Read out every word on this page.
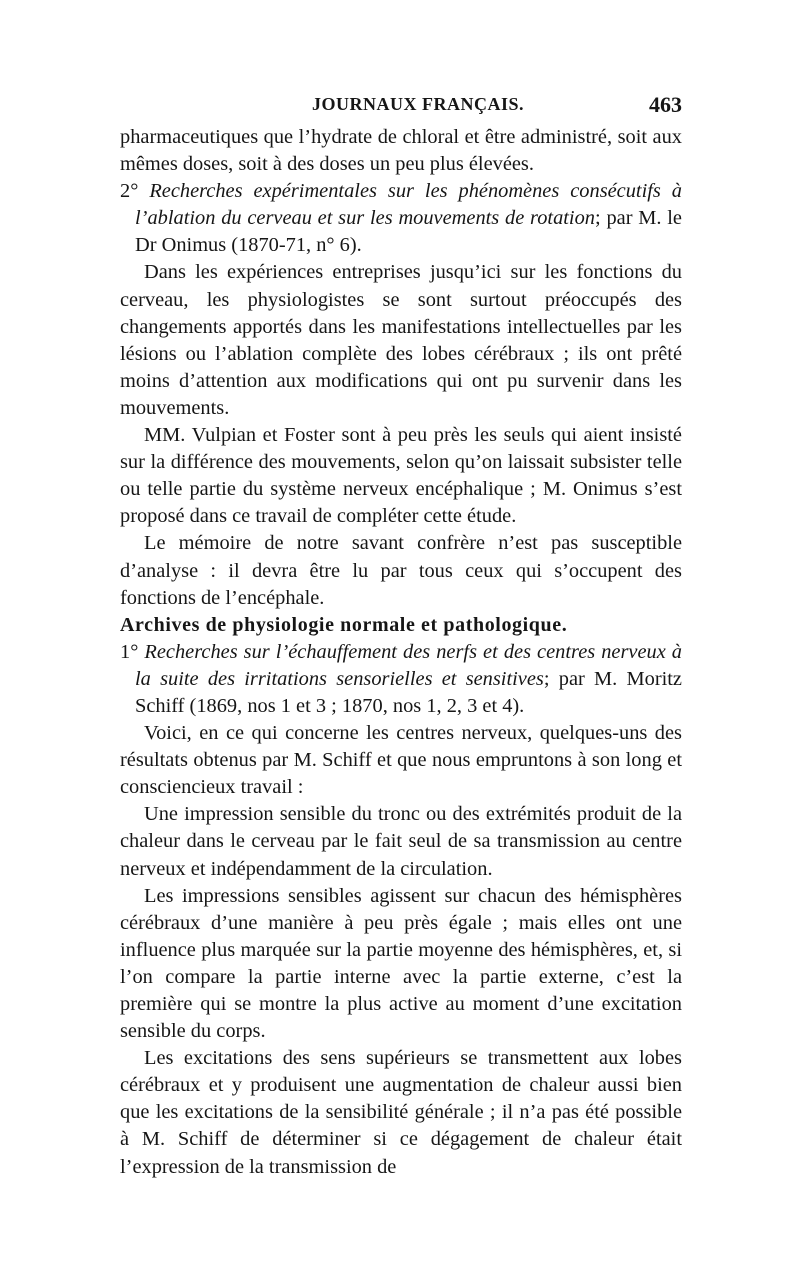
JOURNAUX FRANÇAIS.	463

pharmaceutiques que l’hydrate de chloral et être administré, soit aux mêmes doses, soit à des doses un peu plus élevées.

2° Recherches expérimentales sur les phénomènes consécutifs à l’ablation du cerveau et sur les mouvements de rotation; par M. le Dr Onimus (1870-71, n° 6).

Dans les expériences entreprises jusqu’ici sur les fonctions du cerveau, les physiologistes se sont surtout préoccupés des changements apportés dans les manifestations intellectuelles par les lésions ou l’ablation complète des lobes cérébraux ; ils ont prêté moins d’attention aux modifications qui ont pu survenir dans les mouvements.

MM. Vulpian et Foster sont à peu près les seuls qui aient insisté sur la différence des mouvements, selon qu’on laissait subsister telle ou telle partie du système nerveux encéphalique ; M. Onimus s’est proposé dans ce travail de compléter cette étude.

Le mémoire de notre savant confrère n’est pas susceptible d’analyse : il devra être lu par tous ceux qui s’occupent des fonctions de l’encéphale.

Archives de physiologie normale et pathologique.

1° Recherches sur l’échauffement des nerfs et des centres nerveux à la suite des irritations sensorielles et sensitives; par M. Moritz Schiff (1869, nos 1 et 3 ; 1870, nos 1, 2, 3 et 4).

Voici, en ce qui concerne les centres nerveux, quelques-uns des résultats obtenus par M. Schiff et que nous empruntons à son long et consciencieux travail :

Une impression sensible du tronc ou des extrémités produit de la chaleur dans le cerveau par le fait seul de sa transmission au centre nerveux et indépendamment de la circulation.

Les impressions sensibles agissent sur chacun des hémisphères cérébraux d’une manière à peu près égale ; mais elles ont une influence plus marquée sur la partie moyenne des hémisphères, et, si l’on compare la partie interne avec la partie externe, c’est la première qui se montre la plus active au moment d’une excitation sensible du corps.

Les excitations des sens supérieurs se transmettent aux lobes cérébraux et y produisent une augmentation de chaleur aussi bien que les excitations de la sensibilité générale ; il n’a pas été possible à M. Schiff de déterminer si ce dégagement de chaleur était l’expression de la transmission de
